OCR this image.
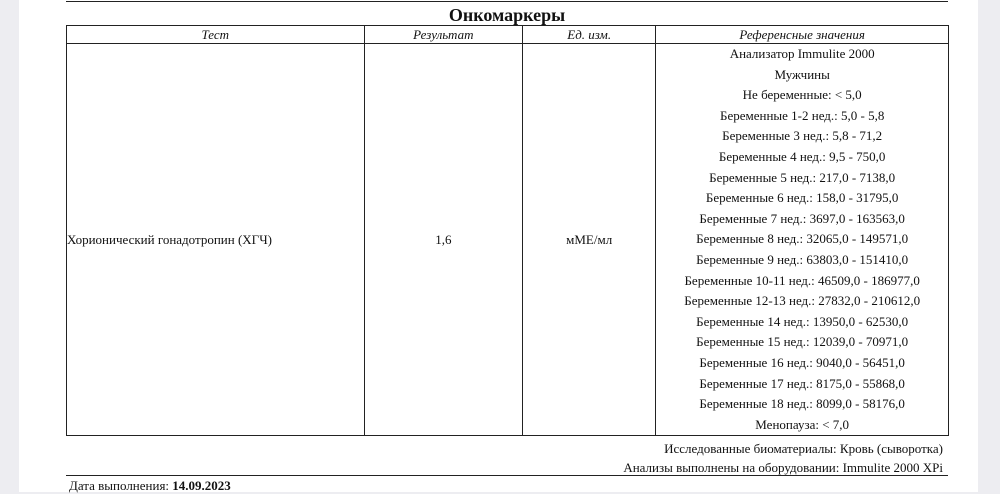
Онкомаркеры
Тест	Результат	Ед. изм.	Референсные значения
Хорионический гонадотропин (ХГЧ)	1,6	мМЕ/мл	
Анализатор Immulite 2000
Мужчины
Не беременные: < 5,0
Беременные 1-2 нед.: 5,0 - 5,8
Беременные 3 нед.: 5,8 - 71,2
Беременные 4 нед.: 9,5 - 750,0
Беременные 5 нед.: 217,0 - 7138,0
Беременные 6 нед.: 158,0 - 31795,0
Беременные 7 нед.: 3697,0 - 163563,0
Беременные 8 нед.: 32065,0 - 149571,0
Беременные 9 нед.: 63803,0 - 151410,0
Беременные 10-11 нед.: 46509,0 - 186977,0
Беременные 12-13 нед.: 27832,0 - 210612,0
Беременные 14 нед.: 13950,0 - 62530,0
Беременные 15 нед.: 12039,0 - 70971,0
Беременные 16 нед.: 9040,0 - 56451,0
Беременные 17 нед.: 8175,0 - 55868,0
Беременные 18 нед.: 8099,0 - 58176,0
Менопауза: < 7,0
Исследованные биоматериалы: Кровь (сыворотка)
Анализы выполнены на оборудовании: Immulite 2000 XPi
Дата выполнения: 14.09.2023
